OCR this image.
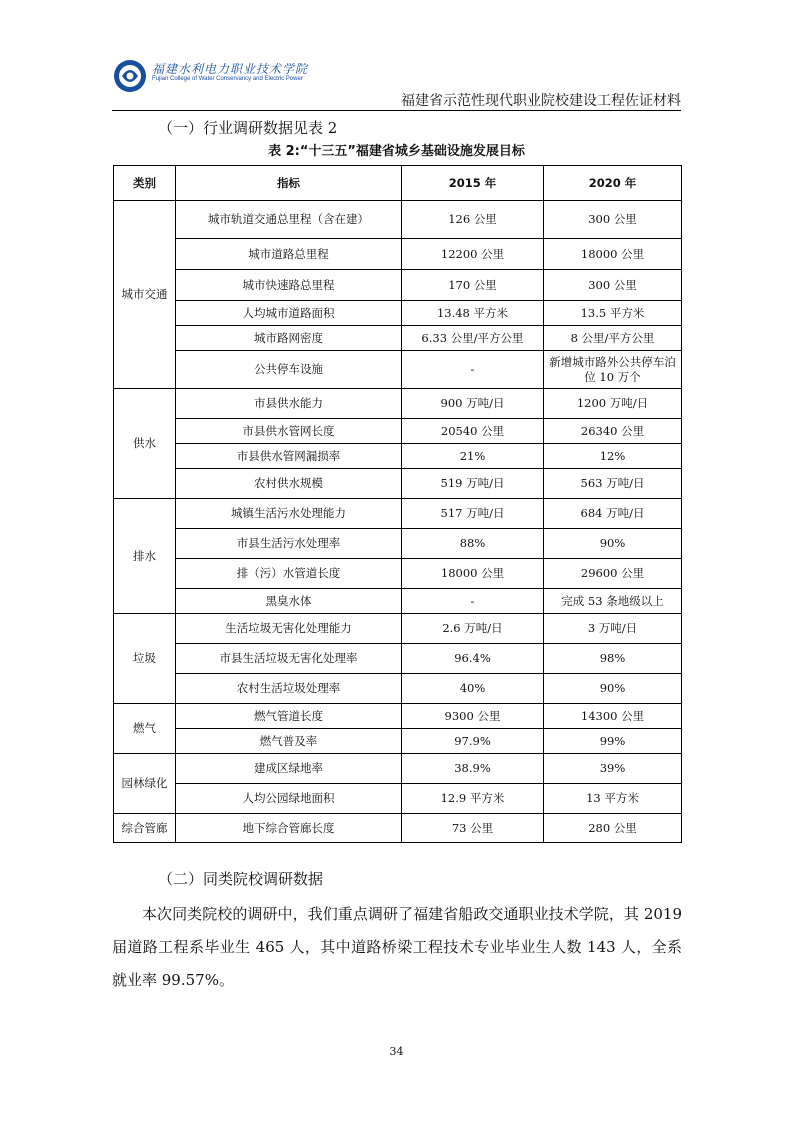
福建水利电力职业技术学院
Fujian College of Water Conservancy and Electric Power
福建省示范性现代职业院校建设工程佐证材料
（一）行业调研数据见表 2
表 2:“十三五”福建省城乡基础设施发展目标
类别	指标	2015 年	2020 年
城市交通	城市轨道交通总里程（含在建）	126 公里	300 公里
	城市道路总里程	12200 公里	18000 公里
	城市快速路总里程	170 公里	300 公里
	人均城市道路面积	13.48 平方米	13.5 平方米
	城市路网密度	6.33 公里/平方公里	8 公里/平方公里
	公共停车设施	-	新增城市路外公共停车泊位 10 万个
供水	市县供水能力	900 万吨/日	1200 万吨/日
	市县供水管网长度	20540 公里	26340 公里
	市县供水管网漏损率	21%	12%
	农村供水规模	519 万吨/日	563 万吨/日
排水	城镇生活污水处理能力	517 万吨/日	684 万吨/日
	市县生活污水处理率	88%	90%
	排（污）水管道长度	18000 公里	29600 公里
	黑臭水体	-	完成 53 条地级以上
垃圾	生活垃圾无害化处理能力	2.6 万吨/日	3 万吨/日
	市县生活垃圾无害化处理率	96.4%	98%
	农村生活垃圾处理率	40%	90%
燃气	燃气管道长度	9300 公里	14300 公里
	燃气普及率	97.9%	99%
园林绿化	建成区绿地率	38.9%	39%
	人均公园绿地面积	12.9 平方米	13 平方米
综合管廊	地下综合管廊长度	73 公里	280 公里
（二）同类院校调研数据

本次同类院校的调研中，我们重点调研了福建省船政交通职业技术学院，其 2019 届道路工程系毕业生 465 人，其中道路桥梁工程技术专业毕业生人数 143 人，全系就业率 99.57%。

34
